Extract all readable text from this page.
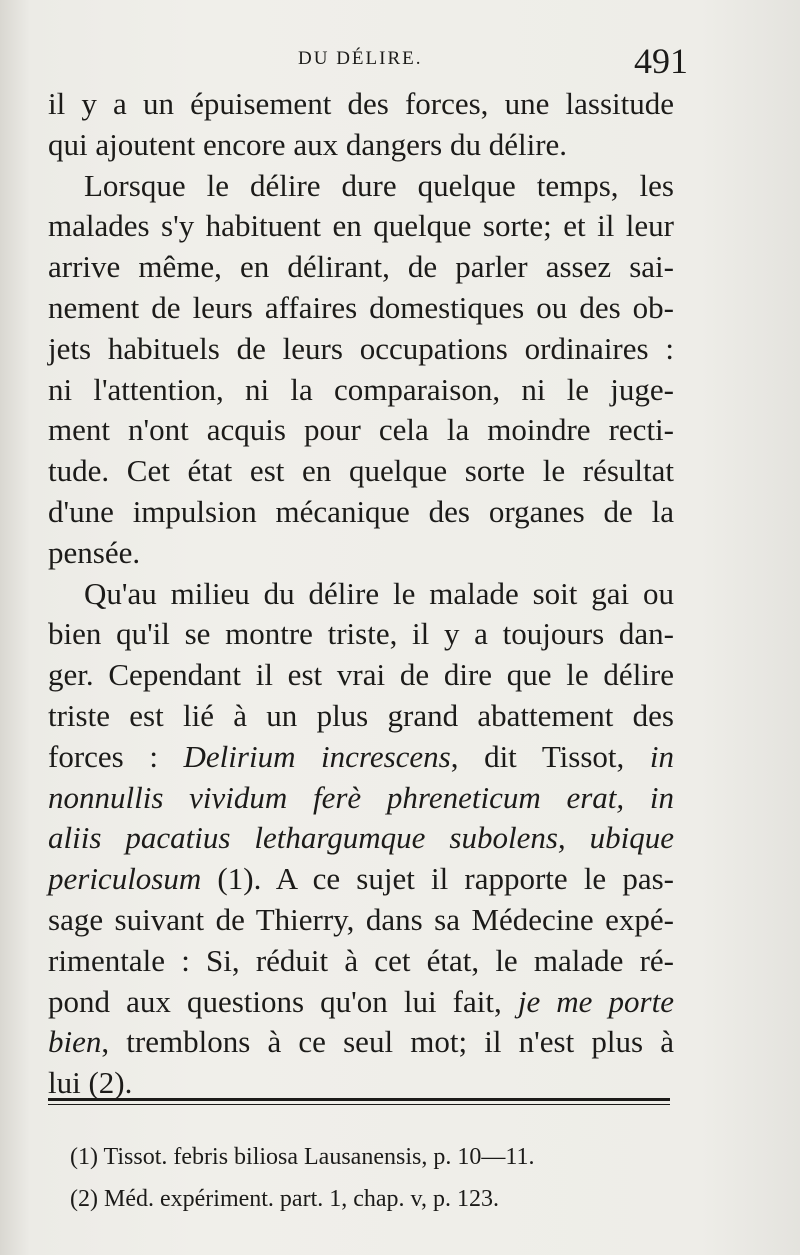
DU DÉLIRE.	491
il y a un épuisement des forces, une lassitude
qui ajoutent encore aux dangers du délire.
Lorsque le délire dure quelque temps, les
malades s'y habituent en quelque sorte; et il leur
arrive même, en délirant, de parler assez sai-
nement de leurs affaires domestiques ou des ob-
jets habituels de leurs occupations ordinaires :
ni l'attention, ni la comparaison, ni le juge-
ment n'ont acquis pour cela la moindre recti-
tude. Cet état est en quelque sorte le résultat
d'une impulsion mécanique des organes de la
pensée.
Qu'au milieu du délire le malade soit gai ou
bien qu'il se montre triste, il y a toujours dan-
ger. Cependant il est vrai de dire que le délire
triste est lié à un plus grand abattement des
forces : Delirium increscens, dit Tissot, in
nonnullis vividum ferè phreneticum erat, in
aliis pacatius lethargumque subolens, ubique
periculosum (1). A ce sujet il rapporte le pas-
sage suivant de Thierry, dans sa Médecine expé-
rimentale : Si, réduit à cet état, le malade ré-
pond aux questions qu'on lui fait, je me porte
bien, tremblons à ce seul mot; il n'est plus à
lui (2).
(1) Tissot. febris biliosa Lausanensis, p. 10—11.
(2) Méd. expériment. part. 1, chap. v, p. 123.
